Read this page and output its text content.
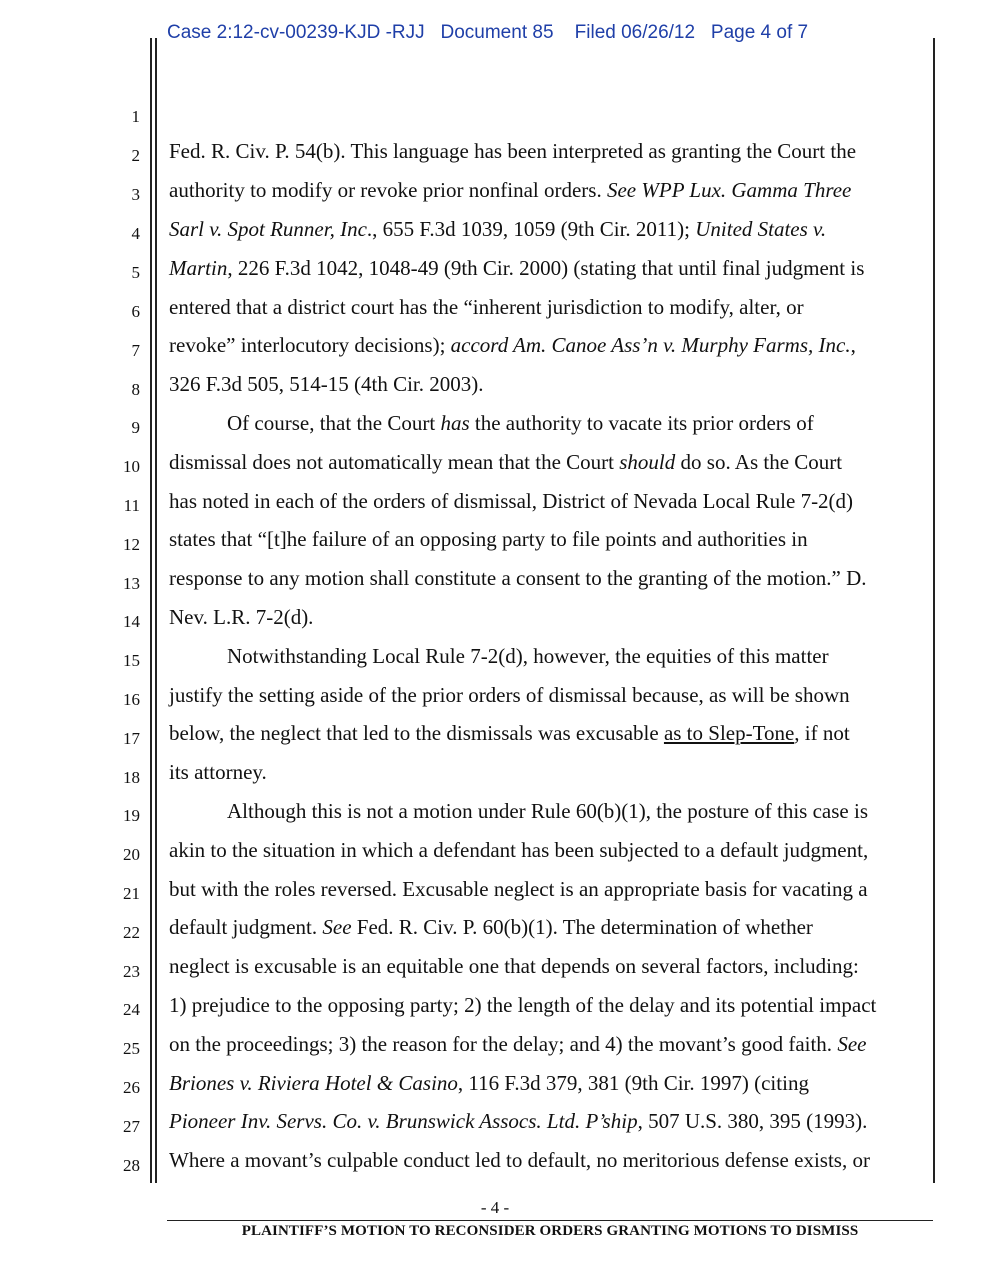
Case 2:12-cv-00239-KJD -RJJ Document 85 Filed 06/26/12 Page 4 of 7
1
2
3
4
5
6
7
8
9
10
11
12
13
14
15
16
17
18
19
20
21
22
23
24
25
26
27
28
Fed. R. Civ. P. 54(b). This language has been interpreted as granting the Court the
authority to modify or revoke prior nonfinal orders. See WPP Lux. Gamma Three
Sarl v. Spot Runner, Inc., 655 F.3d 1039, 1059 (9th Cir. 2011); United States v.
Martin, 226 F.3d 1042, 1048-49 (9th Cir. 2000) (stating that until final judgment is
entered that a district court has the “inherent jurisdiction to modify, alter, or
revoke” interlocutory decisions); accord Am. Canoe Ass’n v. Murphy Farms, Inc.,
326 F.3d 505, 514-15 (4th Cir. 2003).
Of course, that the Court has the authority to vacate its prior orders of
dismissal does not automatically mean that the Court should do so. As the Court
has noted in each of the orders of dismissal, District of Nevada Local Rule 7-2(d)
states that “[t]he failure of an opposing party to file points and authorities in
response to any motion shall constitute a consent to the granting of the motion.” D.
Nev. L.R. 7-2(d).
Notwithstanding Local Rule 7-2(d), however, the equities of this matter
justify the setting aside of the prior orders of dismissal because, as will be shown
below, the neglect that led to the dismissals was excusable as to Slep-Tone, if not
its attorney.
Although this is not a motion under Rule 60(b)(1), the posture of this case is
akin to the situation in which a defendant has been subjected to a default judgment,
but with the roles reversed. Excusable neglect is an appropriate basis for vacating a
default judgment. See Fed. R. Civ. P. 60(b)(1). The determination of whether
neglect is excusable is an equitable one that depends on several factors, including:
1) prejudice to the opposing party; 2) the length of the delay and its potential impact
on the proceedings; 3) the reason for the delay; and 4) the movant’s good faith. See
Briones v. Riviera Hotel & Casino, 116 F.3d 379, 381 (9th Cir. 1997) (citing
Pioneer Inv. Servs. Co. v. Brunswick Assocs. Ltd. P’ship, 507 U.S. 380, 395 (1993).
Where a movant’s culpable conduct led to default, no meritorious defense exists, or
- 4 -
PLAINTIFF’S MOTION TO RECONSIDER ORDERS GRANTING MOTIONS TO DISMISS
